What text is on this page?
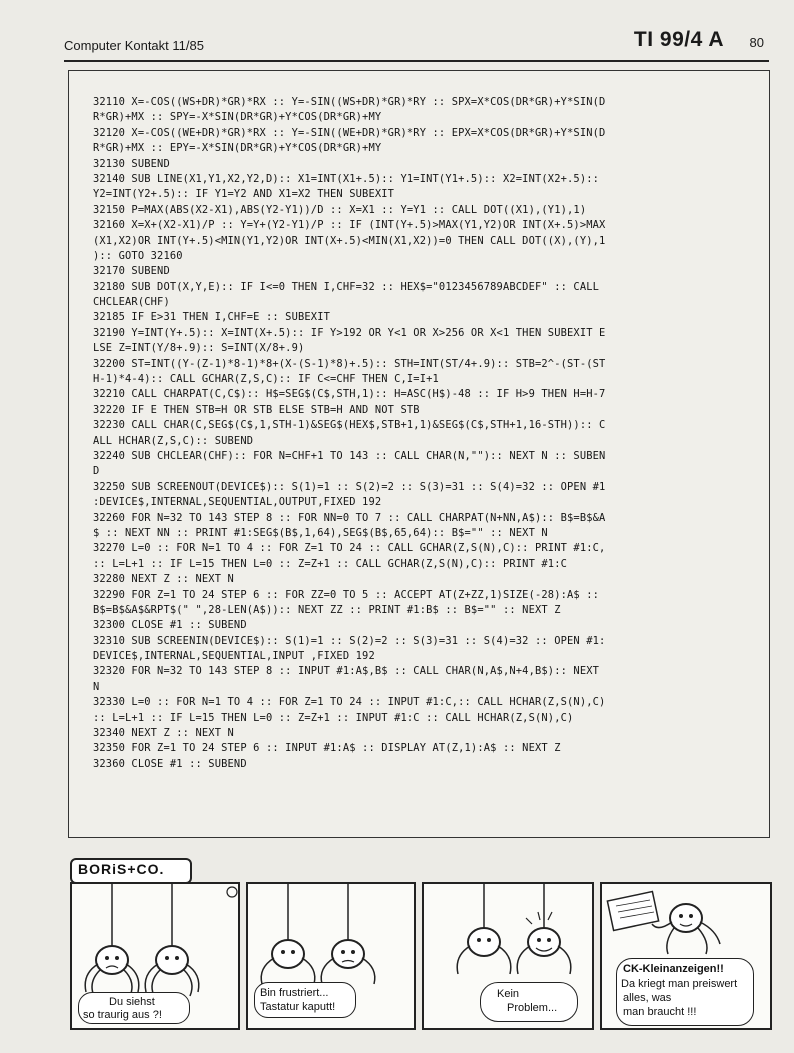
Computer Kontakt 11/85	TI 99/4 A 80
32110 X=-COS((WS+DR)*GR)*RX :: Y=-SIN((WS+DR)*GR)*RY :: SPX=X*COS(DR*GR)+Y*SIN(D
R*GR)+MX :: SPY=-X*SIN(DR*GR)+Y*COS(DR*GR)+MY
32120 X=-COS((WE+DR)*GR)*RX :: Y=-SIN((WE+DR)*GR)*RY :: EPX=X*COS(DR*GR)+Y*SIN(D
R*GR)+MX :: EPY=-X*SIN(DR*GR)+Y*COS(DR*GR)+MY
32130 SUBEND
32140 SUB LINE(X1,Y1,X2,Y2,D):: X1=INT(X1+.5):: Y1=INT(Y1+.5):: X2=INT(X2+.5)::
Y2=INT(Y2+.5):: IF Y1=Y2 AND X1=X2 THEN SUBEXIT
32150 P=MAX(ABS(X2-X1),ABS(Y2-Y1))/D :: X=X1 :: Y=Y1 :: CALL DOT((X1),(Y1),1)
32160 X=X+(X2-X1)/P :: Y=Y+(Y2-Y1)/P :: IF (INT(Y+.5)>MAX(Y1,Y2)OR INT(X+.5)>MAX
(X1,X2)OR INT(Y+.5)<MIN(Y1,Y2)OR INT(X+.5)<MIN(X1,X2))=0 THEN CALL DOT((X),(Y),1
):: GOTO 32160
32170 SUBEND
32180 SUB DOT(X,Y,E):: IF I<=0 THEN I,CHF=32 :: HEX$="0123456789ABCDEF" :: CALL
CHCLEAR(CHF)
32185 IF E>31 THEN I,CHF=E :: SUBEXIT
32190 Y=INT(Y+.5):: X=INT(X+.5):: IF Y>192 OR Y<1 OR X>256 OR X<1 THEN SUBEXIT E
LSE Z=INT(Y/8+.9):: S=INT(X/8+.9)
32200 ST=INT((Y-(Z-1)*8-1)*8+(X-(S-1)*8)+.5):: STH=INT(ST/4+.9):: STB=2^-(ST-(ST
H-1)*4-4):: CALL GCHAR(Z,S,C):: IF C<=CHF THEN C,I=I+1
32210 CALL CHARPAT(C,C$):: H$=SEG$(C$,STH,1):: H=ASC(H$)-48 :: IF H>9 THEN H=H-7
32220 IF E THEN STB=H OR STB ELSE STB=H AND NOT STB
32230 CALL CHAR(C,SEG$(C$,1,STH-1)&SEG$(HEX$,STB+1,1)&SEG$(C$,STH+1,16-STH)):: C
ALL HCHAR(Z,S,C):: SUBEND
32240 SUB CHCLEAR(CHF):: FOR N=CHF+1 TO 143 :: CALL CHAR(N,""):: NEXT N :: SUBEN
D
32250 SUB SCREENOUT(DEVICE$):: S(1)=1 :: S(2)=2 :: S(3)=31 :: S(4)=32 :: OPEN #1
:DEVICE$,INTERNAL,SEQUENTIAL,OUTPUT,FIXED 192
32260 FOR N=32 TO 143 STEP 8 :: FOR NN=0 TO 7 :: CALL CHARPAT(N+NN,A$):: B$=B$&A
$ :: NEXT NN :: PRINT #1:SEG$(B$,1,64),SEG$(B$,65,64):: B$="" :: NEXT N
32270 L=0 :: FOR N=1 TO 4 :: FOR Z=1 TO 24 :: CALL GCHAR(Z,S(N),C):: PRINT #1:C,
:: L=L+1 :: IF L=15 THEN L=0 :: Z=Z+1 :: CALL GCHAR(Z,S(N),C):: PRINT #1:C
32280 NEXT Z :: NEXT N
32290 FOR Z=1 TO 24 STEP 6 :: FOR ZZ=0 TO 5 :: ACCEPT AT(Z+ZZ,1)SIZE(-28):A$ ::
B$=B$&A$&RPT$(" ",28-LEN(A$)):: NEXT ZZ :: PRINT #1:B$ :: B$="" :: NEXT Z
32300 CLOSE #1 :: SUBEND
32310 SUB SCREENIN(DEVICE$):: S(1)=1 :: S(2)=2 :: S(3)=31 :: S(4)=32 :: OPEN #1:
DEVICE$,INTERNAL,SEQUENTIAL,INPUT ,FIXED 192
32320 FOR N=32 TO 143 STEP 8 :: INPUT #1:A$,B$ :: CALL CHAR(N,A$,N+4,B$):: NEXT
N
32330 L=0 :: FOR N=1 TO 4 :: FOR Z=1 TO 24 :: INPUT #1:C,:: CALL HCHAR(Z,S(N),C)
:: L=L+1 :: IF L=15 THEN L=0 :: Z=Z+1 :: INPUT #1:C :: CALL HCHAR(Z,S(N),C)
32340 NEXT Z :: NEXT N
32350 FOR Z=1 TO 24 STEP 6 :: INPUT #1:A$ :: DISPLAY AT(Z,1):A$ :: NEXT Z
32360 CLOSE #1 :: SUBEND
BORiS+CO.
Du siehst
so traurig aus ?!
Bin frustriert...
Tastatur kaputt!
Kein
Problem...
CK-Kleinanzeigen!!
Da kriegt man preiswert
alles, was
man braucht !!!
